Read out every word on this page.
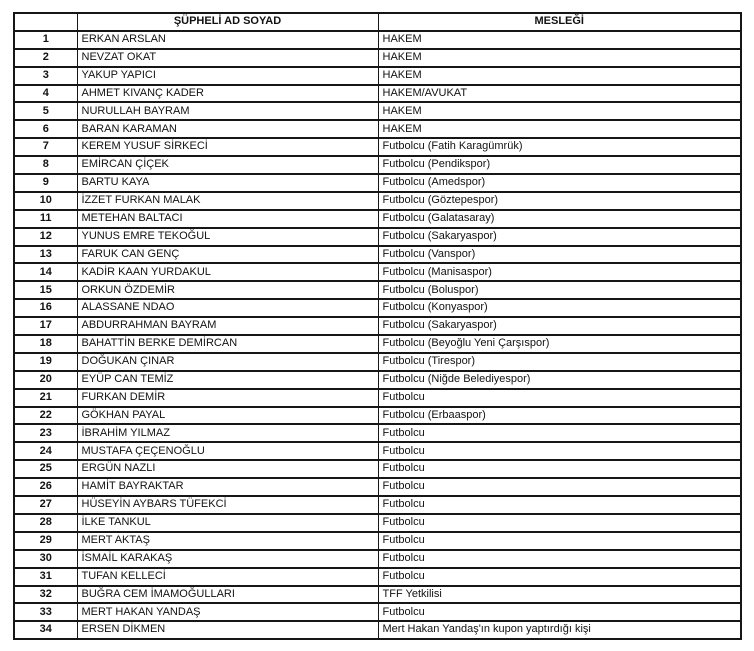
	ŞÜPHELİ AD SOYAD	MESLEĞİ
1	ERKAN ARSLAN	HAKEM
2	NEVZAT OKAT	HAKEM
3	YAKUP YAPICI	HAKEM
4	AHMET KIVANÇ KADER	HAKEM/AVUKAT
5	NURULLAH BAYRAM	HAKEM
6	BARAN KARAMAN	HAKEM
7	KEREM YUSUF SİRKECİ	Futbolcu (Fatih Karagümrük)
8	EMİRCAN ÇİÇEK	Futbolcu (Pendikspor)
9	BARTU KAYA	Futbolcu (Amedspor)
10	İZZET FURKAN MALAK	Futbolcu (Göztepespor)
11	METEHAN BALTACI	Futbolcu (Galatasaray)
12	YUNUS EMRE TEKOĞUL	Futbolcu (Sakaryaspor)
13	FARUK CAN GENÇ	Futbolcu (Vanspor)
14	KADİR KAAN YURDAKUL	Futbolcu (Manisaspor)
15	ORKUN ÖZDEMİR	Futbolcu (Boluspor)
16	ALASSANE NDAO	Futbolcu (Konyaspor)
17	ABDURRAHMAN BAYRAM	Futbolcu (Sakaryaspor)
18	BAHATTİN BERKE DEMİRCAN	Futbolcu (Beyoğlu Yeni Çarşıspor)
19	DOĞUKAN ÇINAR	Futbolcu (Tirespor)
20	EYÜP CAN TEMİZ	Futbolcu (Niğde Belediyespor)
21	FURKAN DEMİR	Futbolcu
22	GÖKHAN PAYAL	Futbolcu (Erbaaspor)
23	İBRAHİM YILMAZ	Futbolcu
24	MUSTAFA ÇEÇENOĞLU	Futbolcu
25	ERGÜN NAZLI	Futbolcu
26	HAMİT BAYRAKTAR	Futbolcu
27	HÜSEYİN AYBARS TÜFEKCİ	Futbolcu
28	İLKE TANKUL	Futbolcu
29	MERT AKTAŞ	Futbolcu
30	İSMAİL KARAKAŞ	Futbolcu
31	TUFAN KELLECİ	Futbolcu
32	BUĞRA CEM İMAMOĞULLARI	TFF Yetkilisi
33	MERT HAKAN YANDAŞ	Futbolcu
34	ERSEN DİKMEN	Mert Hakan Yandaş'ın kupon yaptırdığı kişi
